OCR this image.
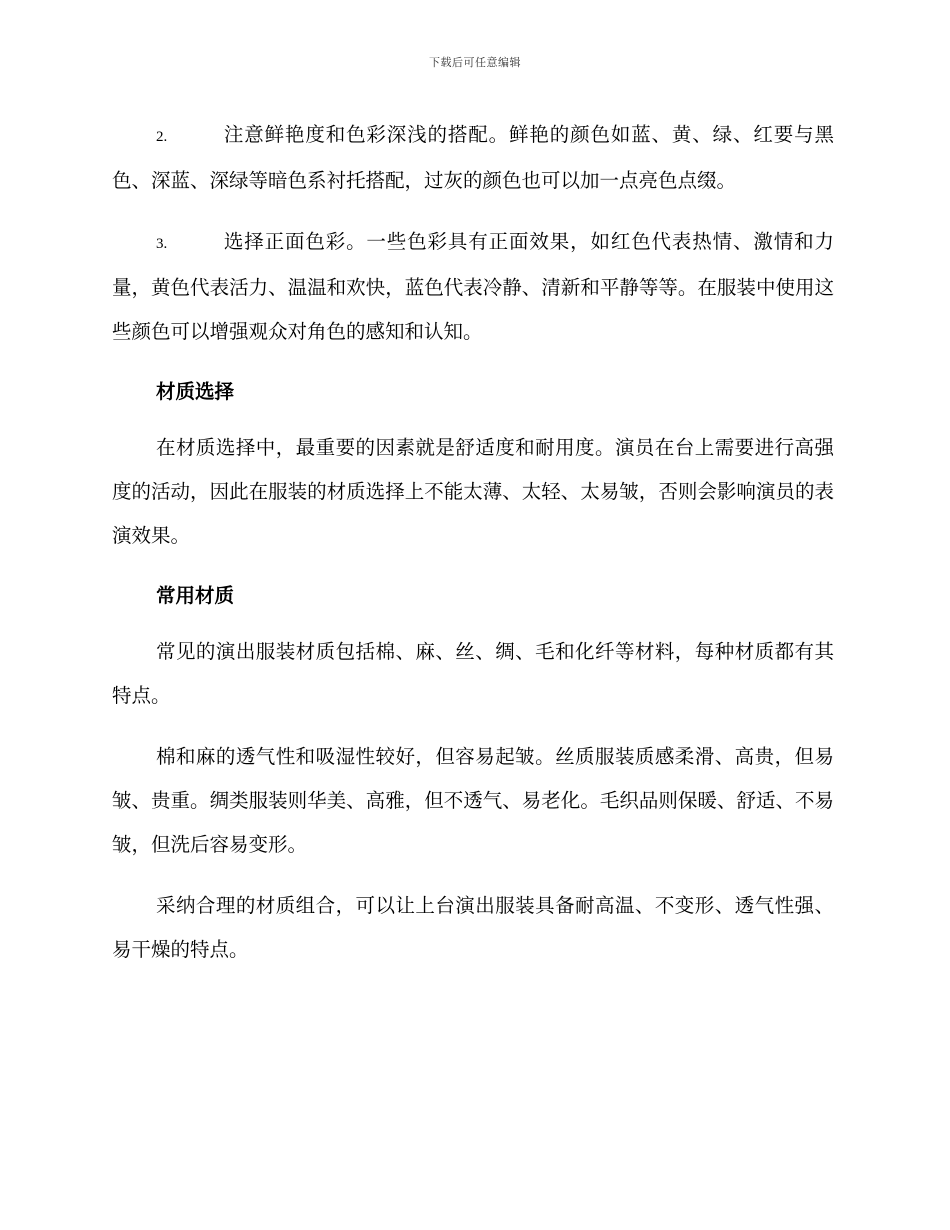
下载后可任意编辑

2.	注意鲜艳度和色彩深浅的搭配。鲜艳的颜色如蓝、黄、绿、红要与黑色、深蓝、深绿等暗色系衬托搭配，过灰的颜色也可以加一点亮色点缀。

3.	选择正面色彩。一些色彩具有正面效果，如红色代表热情、激情和力量，黄色代表活力、温温和欢快，蓝色代表冷静、清新和平静等等。在服装中使用这些颜色可以增强观众对角色的感知和认知。

材质选择

在材质选择中，最重要的因素就是舒适度和耐用度。演员在台上需要进行高强度的活动，因此在服装的材质选择上不能太薄、太轻、太易皱，否则会影响演员的表演效果。

常用材质

常见的演出服装材质包括棉、麻、丝、绸、毛和化纤等材料，每种材质都有其特点。

棉和麻的透气性和吸湿性较好，但容易起皱。丝质服装质感柔滑、高贵，但易皱、贵重。绸类服装则华美、高雅，但不透气、易老化。毛织品则保暖、舒适、不易皱，但洗后容易变形。

采纳合理的材质组合，可以让上台演出服装具备耐高温、不变形、透气性强、易干燥的特点。
